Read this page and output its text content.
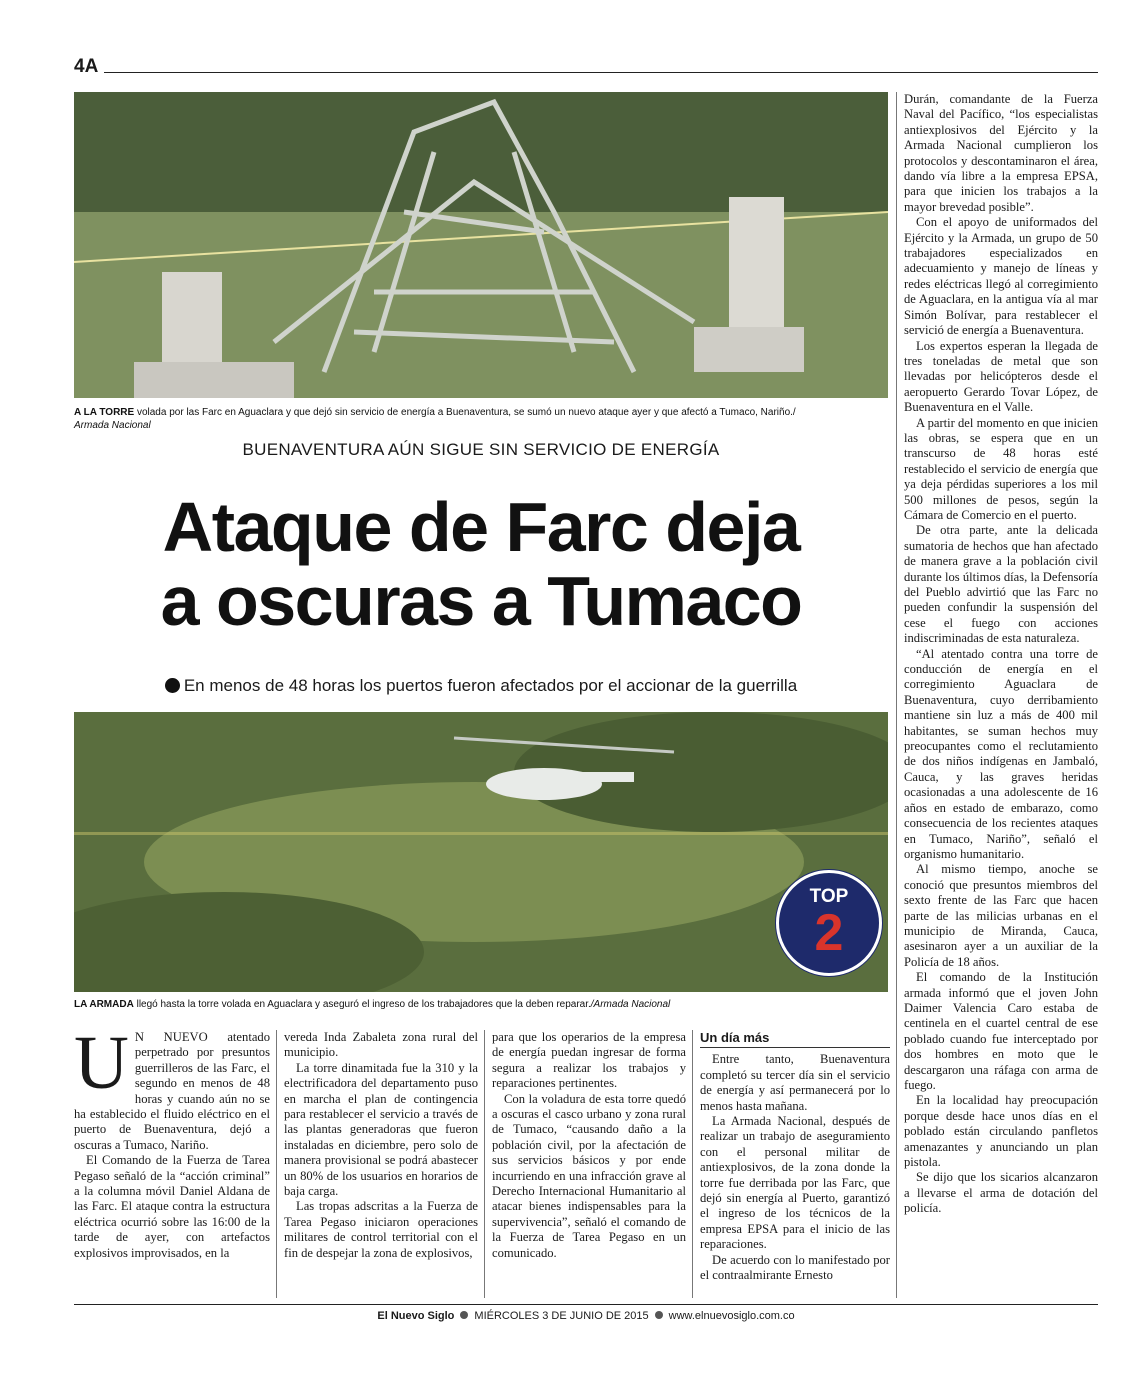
4A
A LA TORRE volada por las Farc en Aguaclara y que dejó sin servicio de energía a Buenaventura, se sumó un nuevo ataque ayer y que afectó a Tumaco, Nariño./
Armada Nacional
BUENAVENTURA AÚN SIGUE SIN SERVICIO DE ENERGÍA
Ataque de Farc deja
a oscuras a Tumaco
En menos de 48 horas los puertos fueron afectados por el accionar de la guerrilla
TOP
2
LA ARMADA llegó hasta la torre volada en Aguaclara y aseguró el ingreso de los trabajadores que la deben reparar./Armada Nacional

Durán, comandante de la Fuerza Naval del Pacífico, “los especialistas antiexplosivos del Ejército y la Armada Nacional cumplieron los protocolos y descontaminaron el área, dando vía libre a la empresa EPSA, para que inicien los trabajos a la mayor brevedad posible”.

Con el apoyo de uniformados del Ejército y la Armada, un grupo de 50 trabajadores especializados en adecuamiento y manejo de líneas y redes eléctricas llegó al corregimiento de Aguaclara, en la antigua vía al mar Simón Bolívar, para restablecer el servició de energía a Buenaventura.

Los expertos esperan la llegada de tres toneladas de metal que son llevadas por helicópteros desde el aeropuerto Gerardo Tovar López, de Buenaventura en el Valle.

A partir del momento en que inicien las obras, se espera que en un transcurso de 48 horas esté restablecido el servicio de energía que ya deja pérdidas superiores a los mil 500 millones de pesos, según la Cámara de Comercio en el puerto.

De otra parte, ante la delicada sumatoria de hechos que han afectado de manera grave a la población civil durante los últimos días, la Defensoría del Pueblo advirtió que las Farc no pueden confundir la suspensión del cese el fuego con acciones indiscriminadas de esta naturaleza.

“Al atentado contra una torre de conducción de energía en el corregimiento Aguaclara de Buenaventura, cuyo derribamiento mantiene sin luz a más de 400 mil habitantes, se suman hechos muy preocupantes como el reclutamiento de dos niños indígenas en Jambaló, Cauca, y las graves heridas ocasionadas a una adolescente de 16 años en estado de embarazo, como consecuencia de los recientes ataques en Tumaco, Nariño”, señaló el organismo humanitario.

Al mismo tiempo, anoche se conoció que presuntos miembros del sexto frente de las Farc que hacen parte de las milicias urbanas en el municipio de Miranda, Cauca, asesinaron ayer a un auxiliar de la Policía de 18 años.

El comando de la Institución armada informó que el joven John Daimer Valencia Caro estaba de centinela en el cuartel central de ese poblado cuando fue interceptado por dos hombres en moto que le descargaron una ráfaga con arma de fuego.

En la localidad hay preocupación porque desde hace unos días en el poblado están circulando panfletos amenazantes y anunciando un plan pistola.

Se dijo que los sicarios alcanzaron a llevarse el arma de dotación del policía.

U N NUEVO atentado perpetrado por presuntos guerrilleros de las Farc, el segundo en menos de 48 horas y cuando aún no se ha establecido el fluido eléctrico en el puerto de Buenaventura, dejó a oscuras a Tumaco, Nariño.

El Comando de la Fuerza de Tarea Pegaso señaló de la “acción criminal” a la columna móvil Daniel Aldana de las Farc. El ataque contra la estructura eléctrica ocurrió sobre las 16:00 de la tarde de ayer, con artefactos explosivos improvisados, en la

vereda Inda Zabaleta zona rural del municipio.

La torre dinamitada fue la 310 y la electrificadora del departamento puso en marcha el plan de contingencia para restablecer el servicio a través de las plantas generadoras que fueron instaladas en diciembre, pero solo de manera provisional se podrá abastecer un 80% de los usuarios en horarios de baja carga.

Las tropas adscritas a la Fuerza de Tarea Pegaso iniciaron operaciones militares de control territorial con el fin de despejar la zona de explosivos,

para que los operarios de la empresa de energía puedan ingresar de forma segura a realizar los trabajos y reparaciones pertinentes.

Con la voladura de esta torre quedó a oscuras el casco urbano y zona rural de Tumaco, “causando daño a la población civil, por la afectación de sus servicios básicos y por ende incurriendo en una infracción grave al Derecho Internacional Humanitario al atacar bienes indispensables para la supervivencia”, señaló el comando de la Fuerza de Tarea Pegaso en un comunicado.

Un día más

Entre tanto, Buenaventura completó su tercer día sin el servicio de energía y así permanecerá por lo menos hasta mañana.

La Armada Nacional, después de realizar un trabajo de aseguramiento con el personal militar de antiexplosivos, de la zona donde la torre fue derribada por las Farc, que dejó sin energía al Puerto, garantizó el ingreso de los técnicos de la empresa EPSA para el inicio de las reparaciones.

De acuerdo con lo manifestado por el contraalmirante Ernesto

El Nuevo Siglo MIÉRCOLES 3 DE JUNIO DE 2015 www.elnuevosiglo.com.co
